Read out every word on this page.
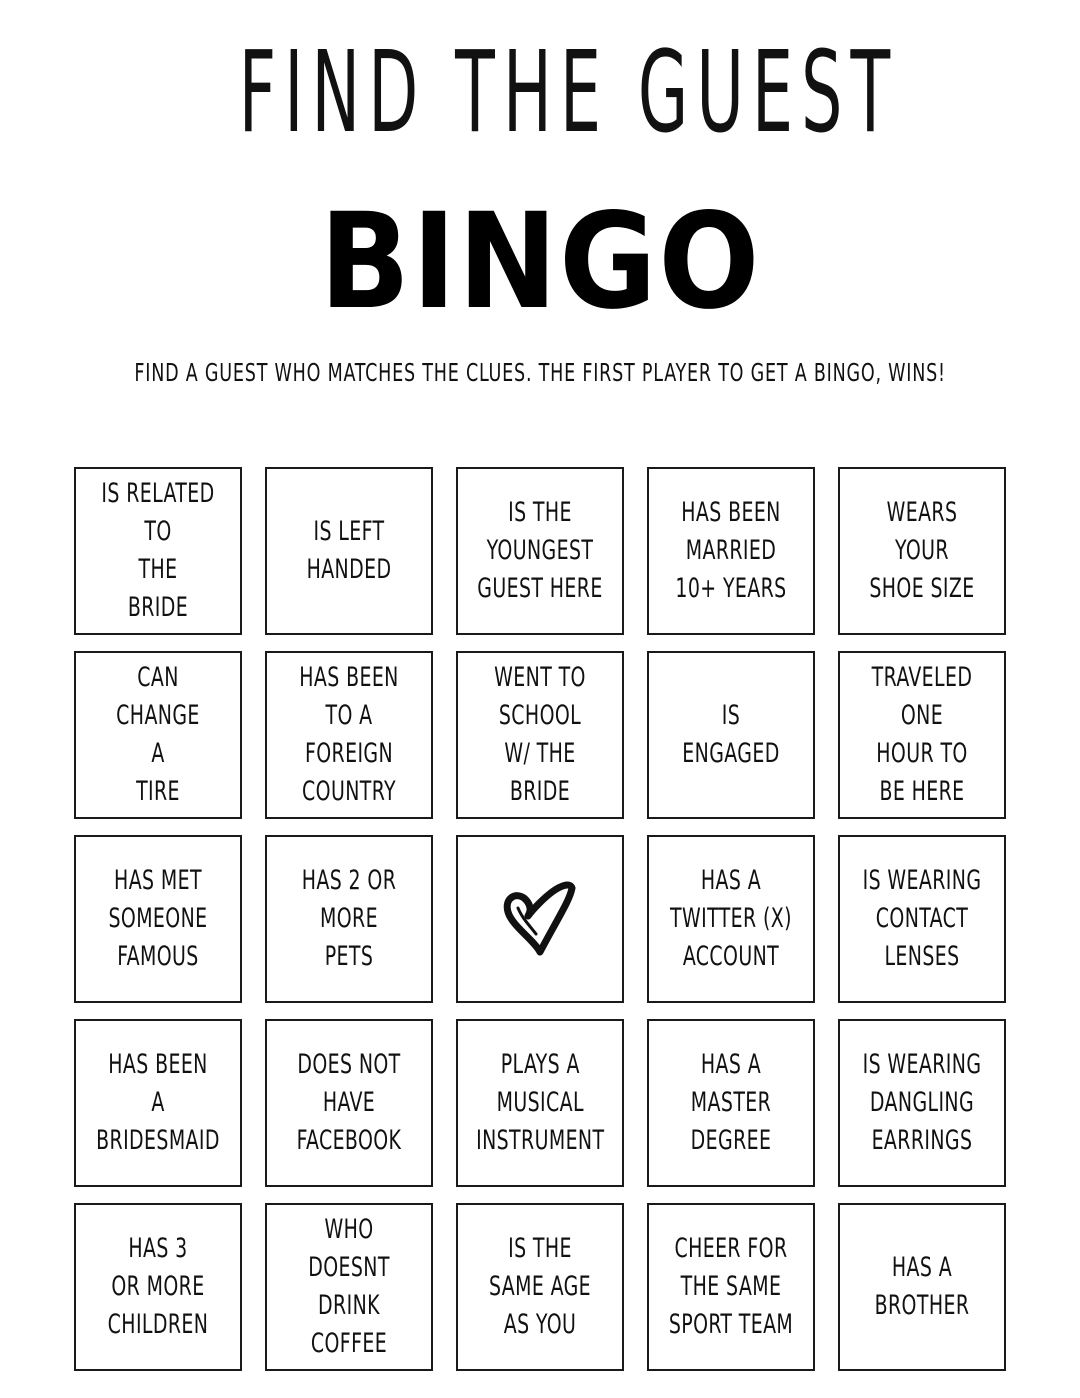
FIND THE GUEST
BINGO
FIND A GUEST WHO MATCHES THE CLUES. THE FIRST PLAYER TO GET A BINGO, WINS!
IS RELATED TO
THE
BRIDE
IS LEFT
HANDED
IS THE
YOUNGEST
GUEST HERE
HAS BEEN
MARRIED
10+ YEARS
WEARS YOUR
SHOE SIZE
CAN CHANGE
A
TIRE
HAS BEEN
TO A
FOREIGN
COUNTRY
WENT TO
SCHOOL
W/ THE BRIDE
IS
ENGAGED
TRAVELED ONE
HOUR TO
BE HERE
HAS MET
SOMEONE
FAMOUS
HAS 2 OR
MORE
PETS
HAS A
TWITTER (X)
ACCOUNT
IS WEARING
CONTACT
LENSES
HAS BEEN
A
BRIDESMAID
DOES NOT
HAVE
FACEBOOK
PLAYS A
MUSICAL
INSTRUMENT
HAS A
MASTER
DEGREE
IS WEARING
DANGLING
EARRINGS
HAS 3
OR MORE
CHILDREN
WHO DOESNT
DRINK
COFFEE
IS THE
SAME AGE
AS YOU
CHEER FOR
THE SAME
SPORT TEAM
HAS A
BROTHER
